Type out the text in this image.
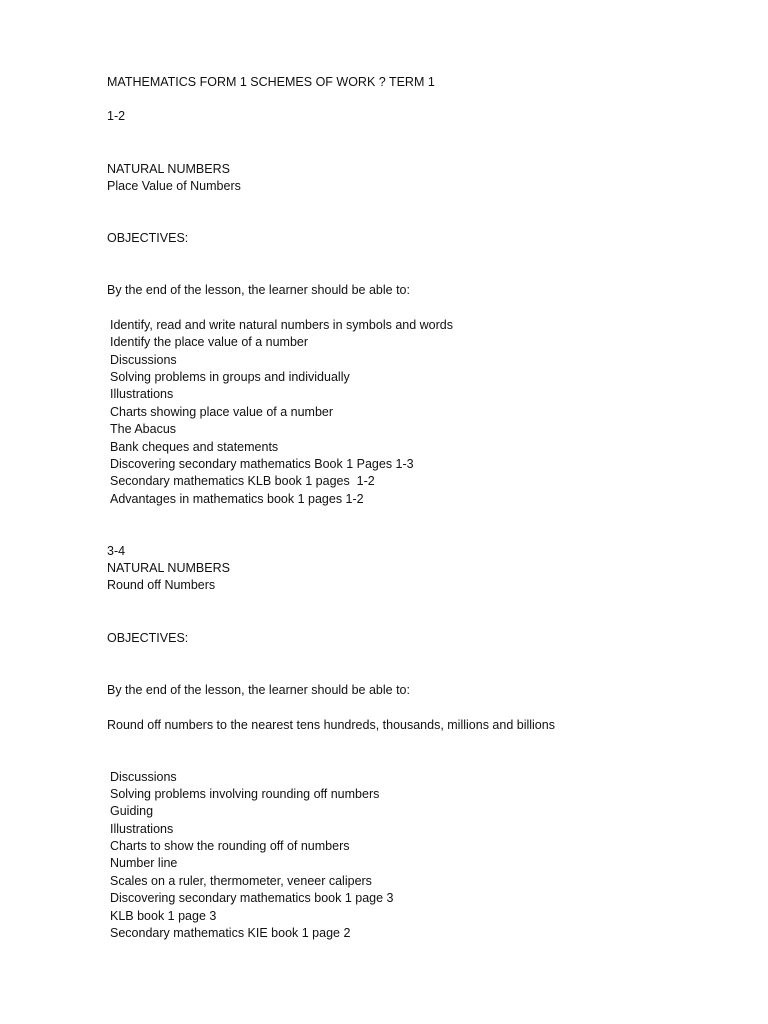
MATHEMATICS FORM 1 SCHEMES OF WORK ? TERM 1
1-2
NATURAL NUMBERS
Place Value of Numbers
OBJECTIVES:
By the end of the lesson, the learner should be able to:
Identify, read and write natural numbers in symbols and words
Identify the place value of a number
Discussions
Solving problems in groups and individually
Illustrations
Charts showing place value of a number
The Abacus
Bank cheques and statements
Discovering secondary mathematics Book 1 Pages 1-3
Secondary mathematics KLB book 1 pages  1-2
Advantages in mathematics book 1 pages 1-2
3-4
NATURAL NUMBERS
Round off Numbers
OBJECTIVES:
By the end of the lesson, the learner should be able to:
Round off numbers to the nearest tens hundreds, thousands, millions and billions
Discussions
Solving problems involving rounding off numbers
Guiding
Illustrations
Charts to show the rounding off of numbers
Number line
Scales on a ruler, thermometer, veneer calipers
Discovering secondary mathematics book 1 page 3
KLB book 1 page 3
Secondary mathematics KIE book 1 page 2
